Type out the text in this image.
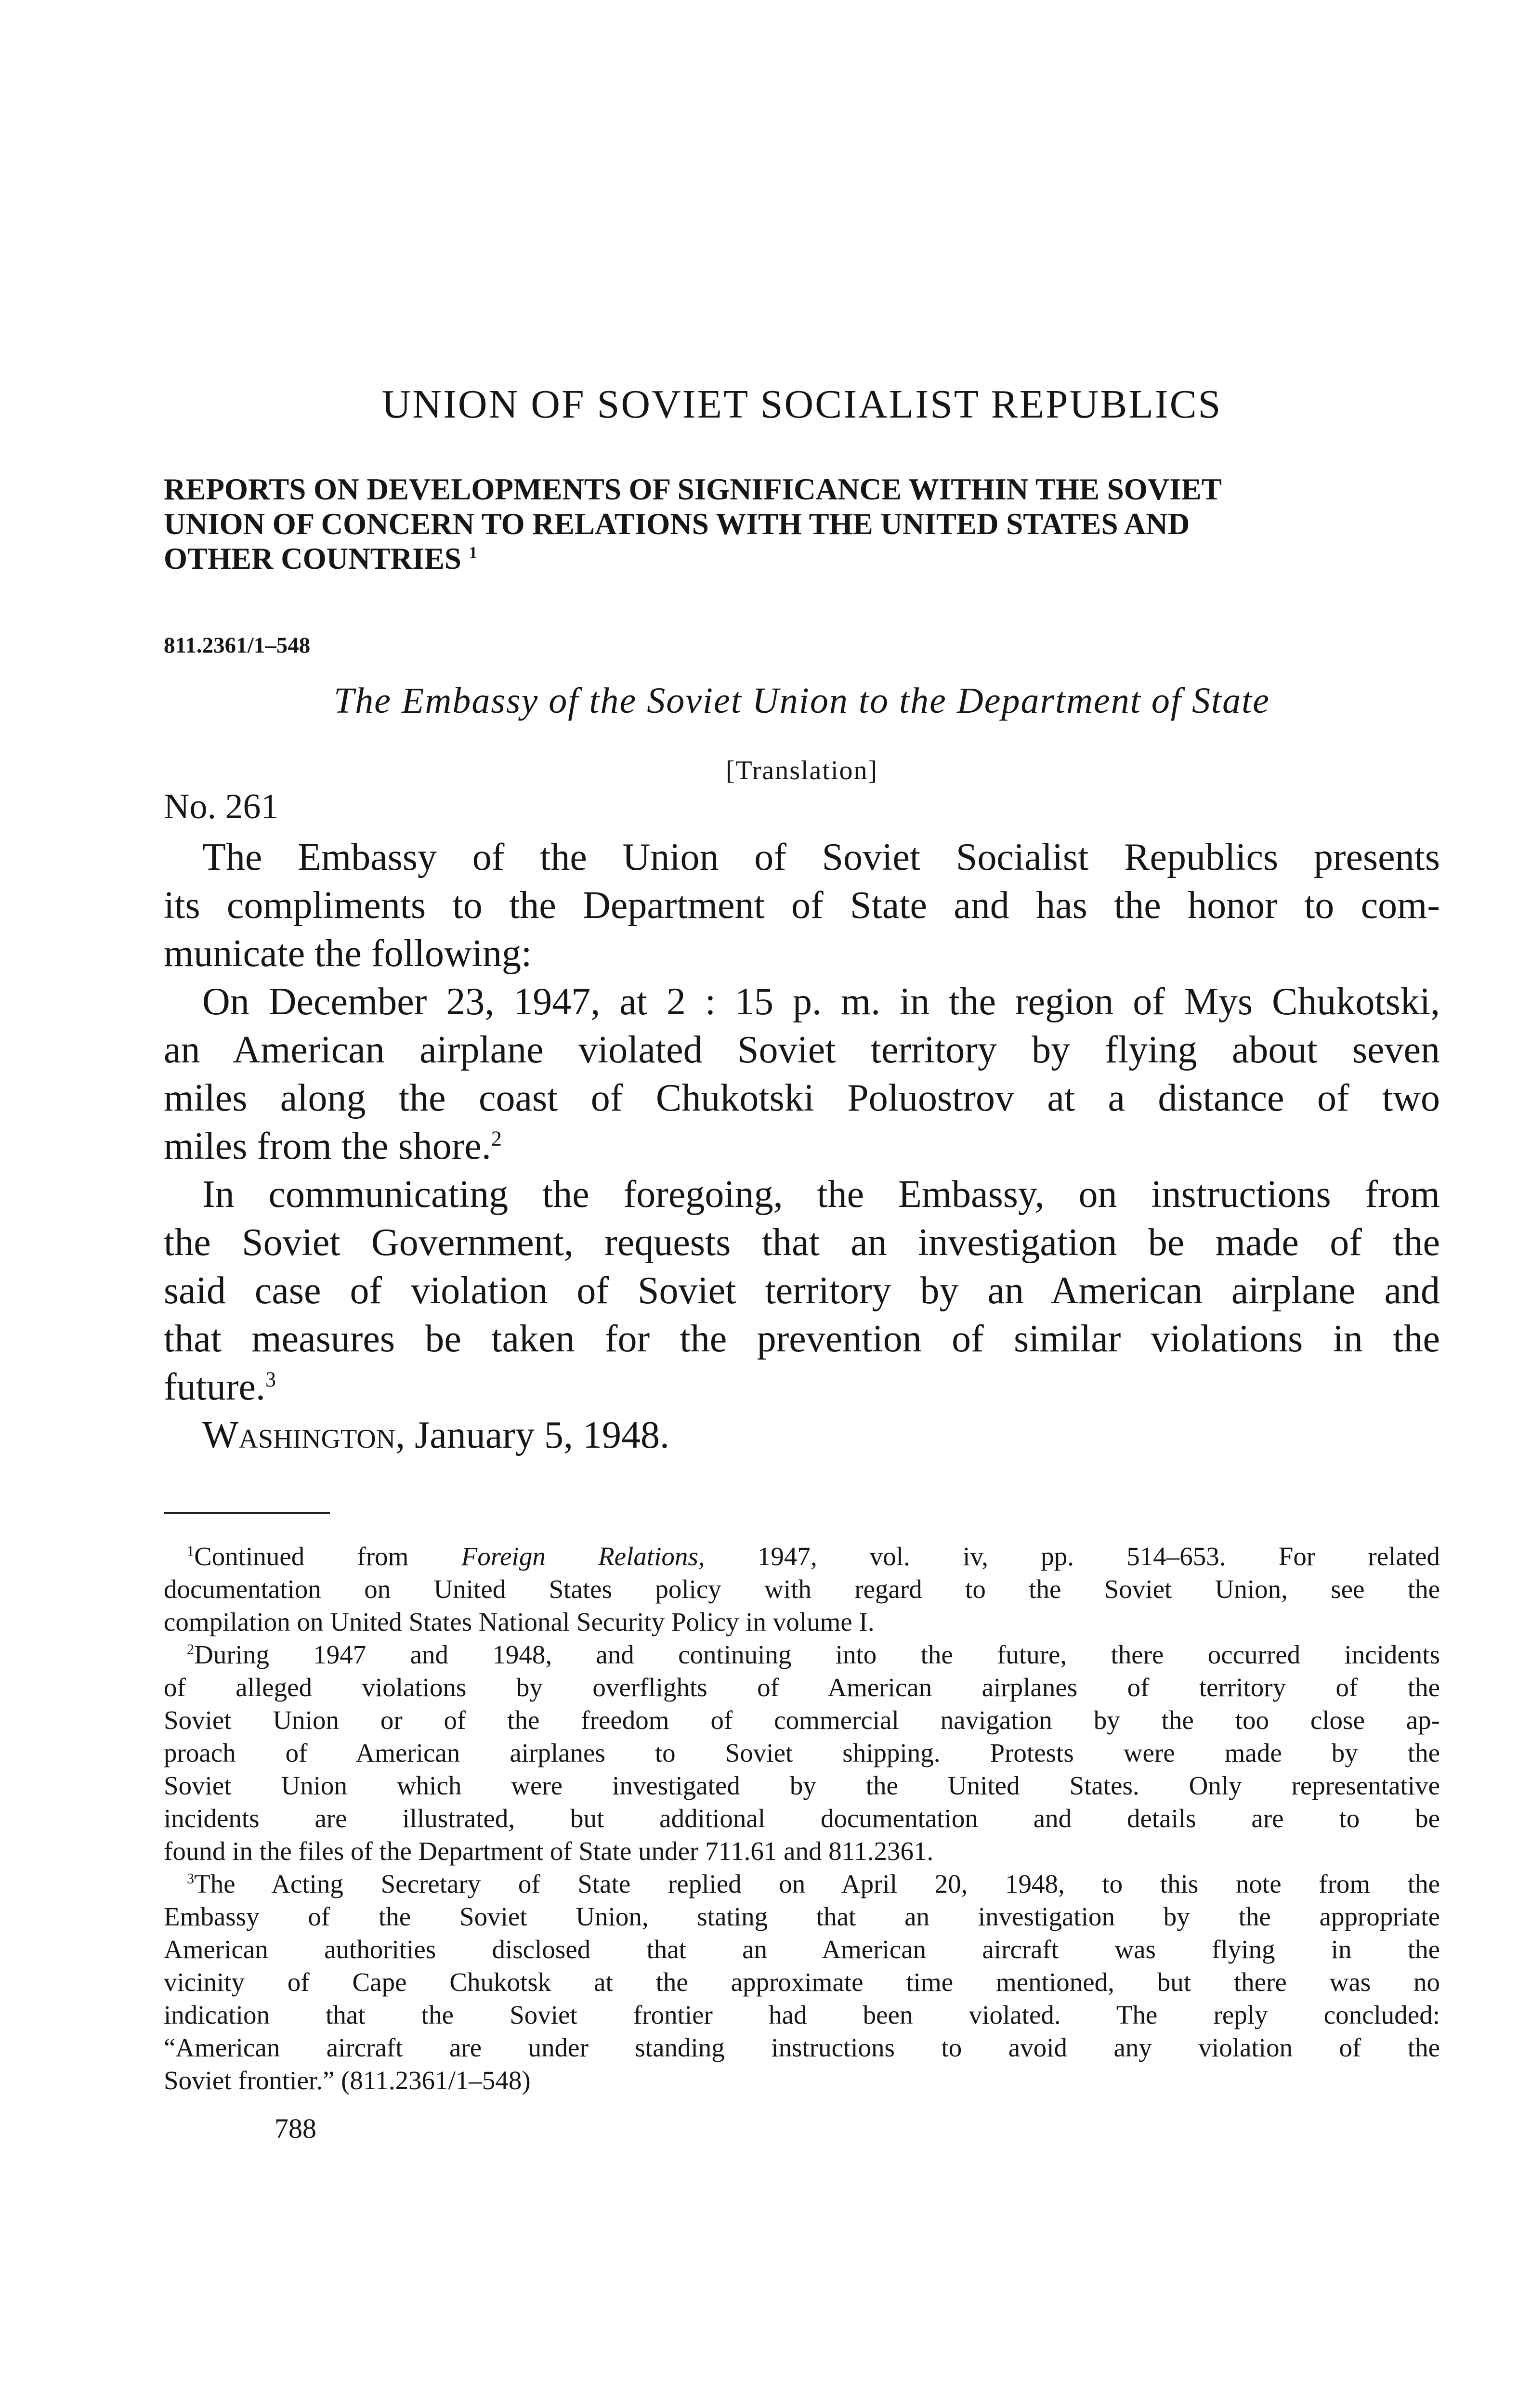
UNION OF SOVIET SOCIALIST REPUBLICS
REPORTS ON DEVELOPMENTS OF SIGNIFICANCE WITHIN THE SOVIET
UNION OF CONCERN TO RELATIONS WITH THE UNITED STATES AND
OTHER COUNTRIES $^1$
811.2361/1–548
The Embassy of the Soviet Union to the Department of State
[Translation]
No. 261
The Embassy of the Union of Soviet Socialist Republics presents
its compliments to the Department of State and has the honor to com-
municate the following:
On December 23, 1947, at 2 : 15 p. m. in the region of Mys Chukotski,
an American airplane violated Soviet territory by flying about seven
miles along the coast of Chukotski Poluostrov at a distance of two
miles from the shore.$^2$
In communicating the foregoing, the Embassy, on instructions from
the Soviet Government, requests that an investigation be made of the
said case of violation of Soviet territory by an American airplane and
that measures be taken for the prevention of similar violations in the
future.$^3$
Washington, January 5, 1948.
$^1$Continued from Foreign Relations, 1947, vol. iv, pp. 514–653. For related
documentation on United States policy with regard to the Soviet Union, see the
compilation on United States National Security Policy in volume I.
$^2$During 1947 and 1948, and continuing into the future, there occurred incidents
of alleged violations by overflights of American airplanes of territory of the
Soviet Union or of the freedom of commercial navigation by the too close ap-
proach of American airplanes to Soviet shipping. Protests were made by the
Soviet Union which were investigated by the United States. Only representative
incidents are illustrated, but additional documentation and details are to be
found in the files of the Department of State under 711.61 and 811.2361.
$^3$The Acting Secretary of State replied on April 20, 1948, to this note from the
Embassy of the Soviet Union, stating that an investigation by the appropriate
American authorities disclosed that an American aircraft was flying in the
vicinity of Cape Chukotsk at the approximate time mentioned, but there was no
indication that the Soviet frontier had been violated. The reply concluded:
“American aircraft are under standing instructions to avoid any violation of the
Soviet frontier.” (811.2361/1–548)
788
